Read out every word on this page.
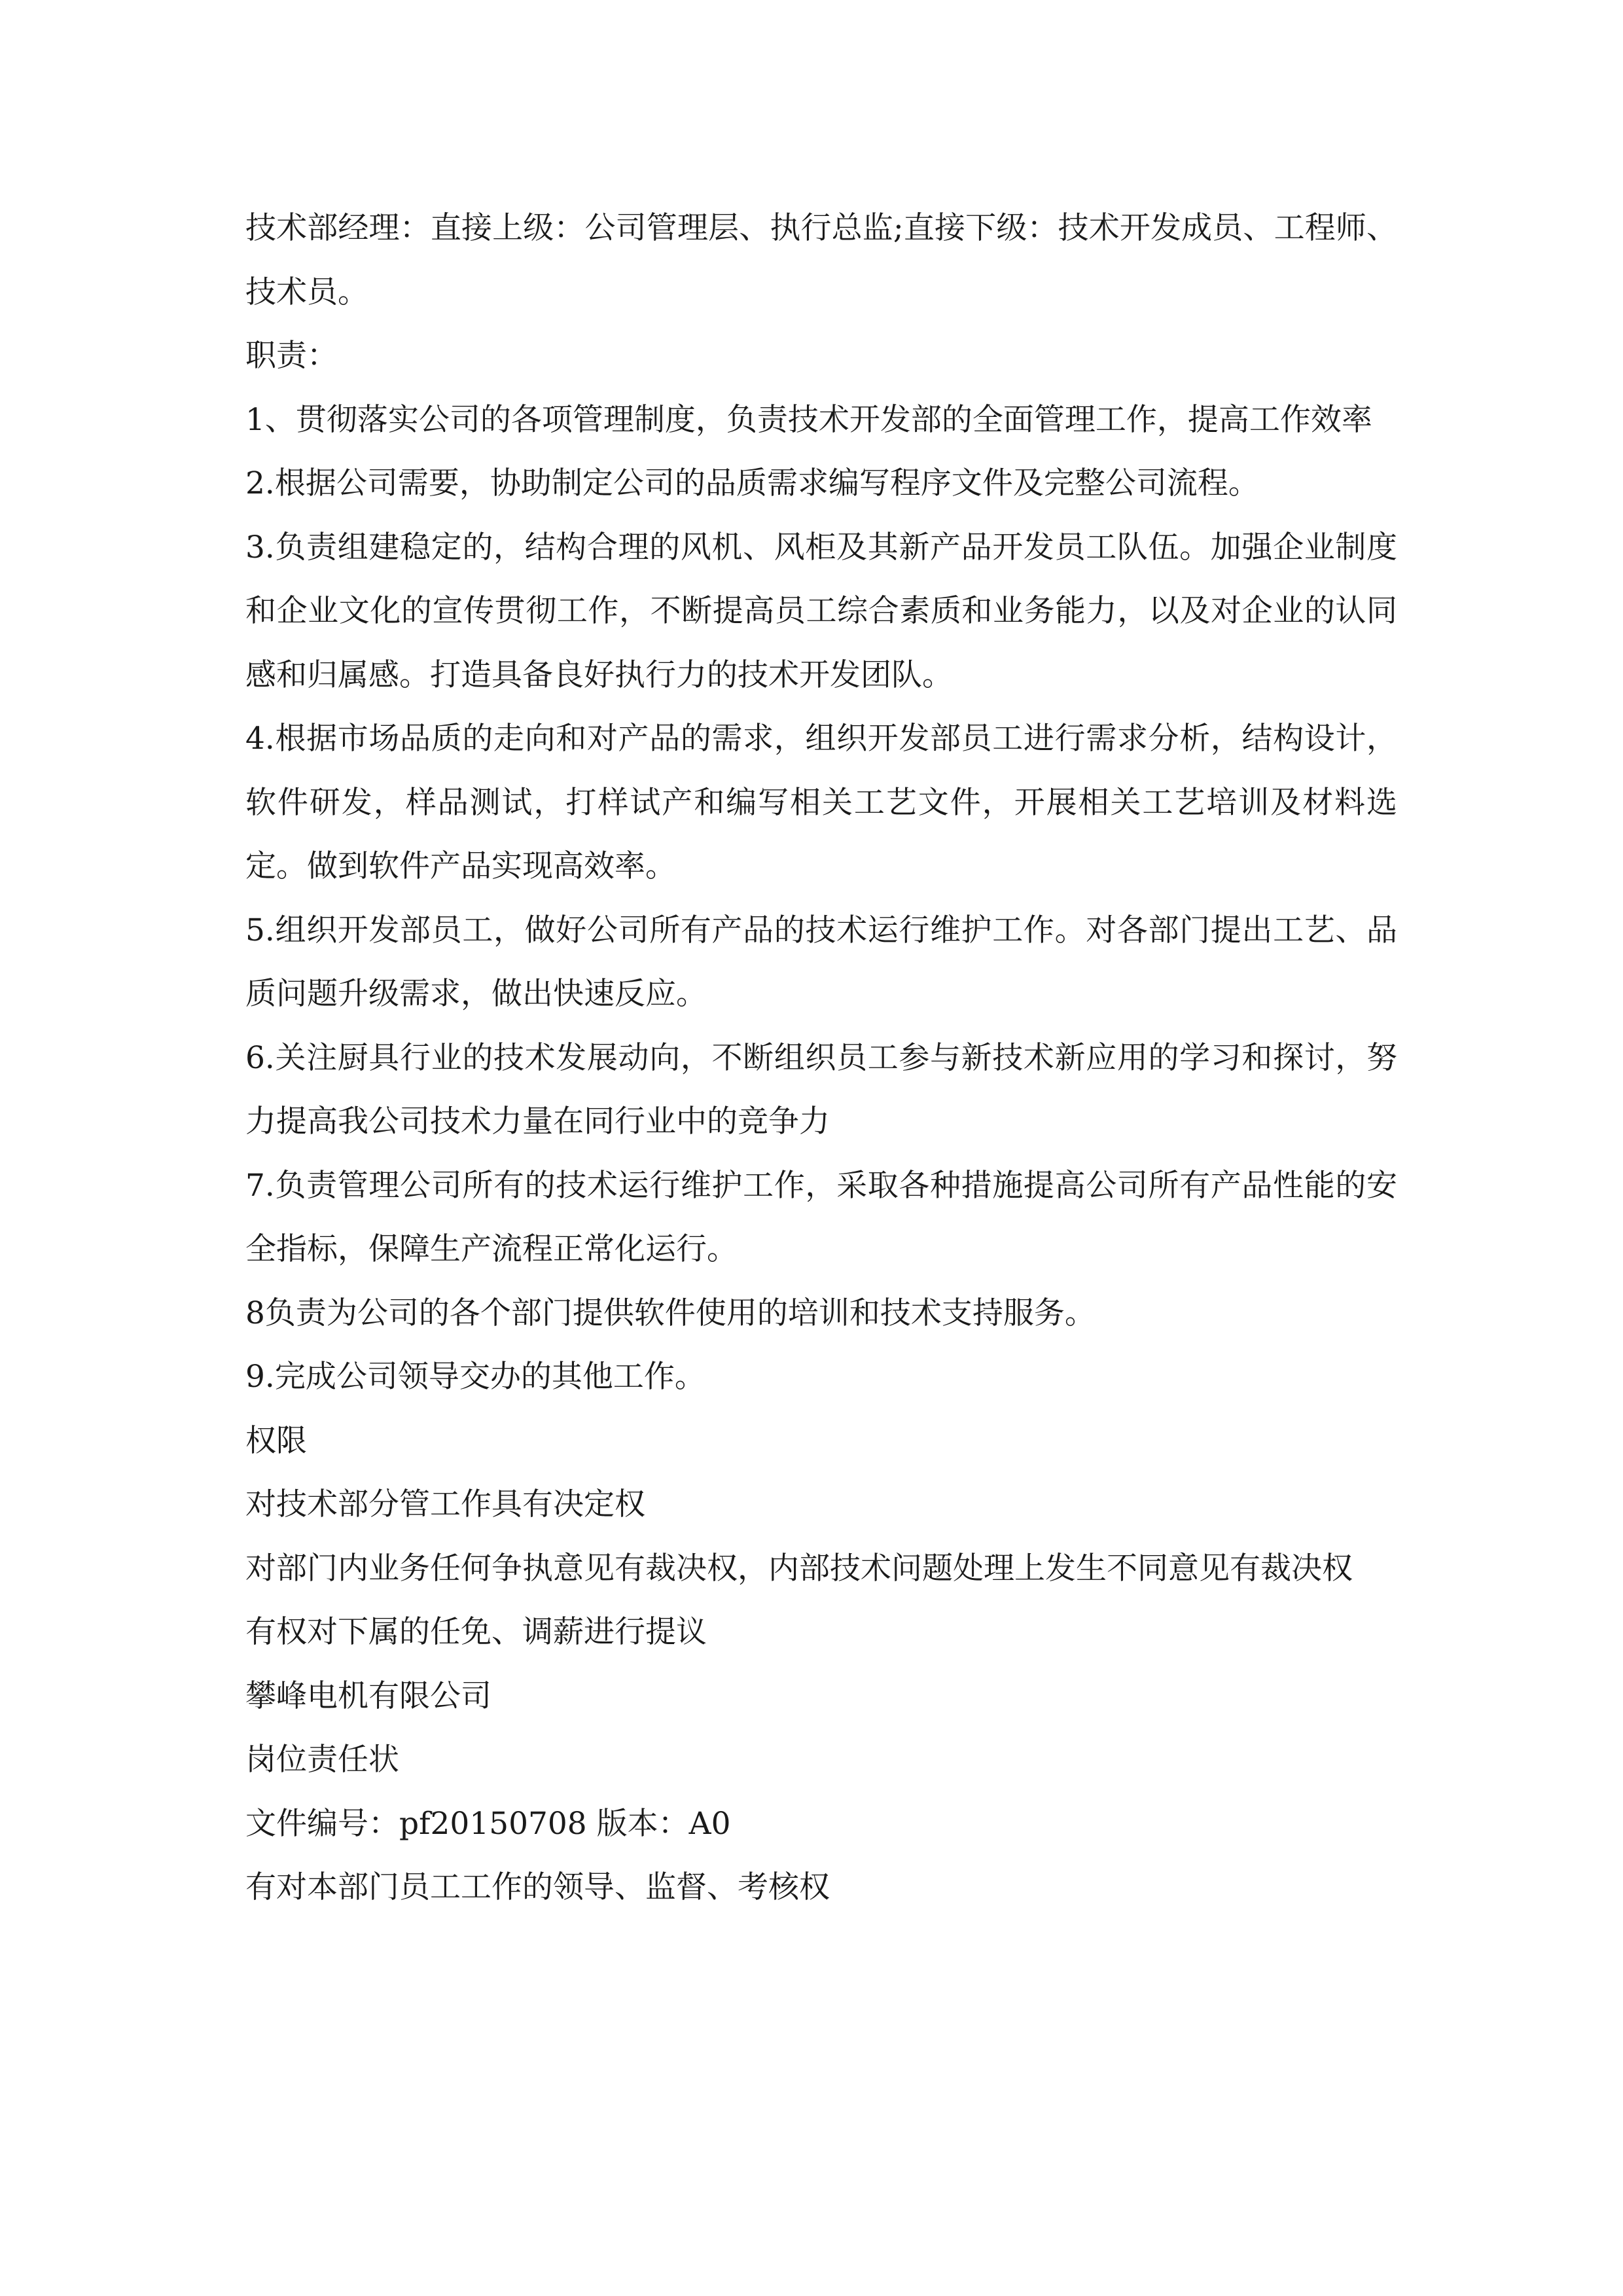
技术部经理：直接上级：公司管理层、执行总监;直接下级：技术开发成员、工程师、技术员。

职责：

1、贯彻落实公司的各项管理制度，负责技术开发部的全面管理工作，提高工作效率

2.根据公司需要，协助制定公司的品质需求编写程序文件及完整公司流程。

3.负责组建稳定的，结构合理的风机、风柜及其新产品开发员工队伍。加强企业制度和企业文化的宣传贯彻工作，不断提高员工综合素质和业务能力，以及对企业的认同感和归属感。打造具备良好执行力的技术开发团队。

4.根据市场品质的走向和对产品的需求，组织开发部员工进行需求分析，结构设计，软件研发，样品测试，打样试产和编写相关工艺文件，开展相关工艺培训及材料选定。做到软件产品实现高效率。

5.组织开发部员工，做好公司所有产品的技术运行维护工作。对各部门提出工艺、品质问题升级需求，做出快速反应。

6.关注厨具行业的技术发展动向，不断组织员工参与新技术新应用的学习和探讨，努力提高我公司技术力量在同行业中的竞争力

7.负责管理公司所有的技术运行维护工作，采取各种措施提高公司所有产品性能的安全指标，保障生产流程正常化运行。

8负责为公司的各个部门提供软件使用的培训和技术支持服务。

9.完成公司领导交办的其他工作。

权限

对技术部分管工作具有决定权

对部门内业务任何争执意见有裁决权，内部技术问题处理上发生不同意见有裁决权

有权对下属的任免、调薪进行提议

攀峰电机有限公司

岗位责任状

文件编号：pf20150708 版本：A0

有对本部门员工工作的领导、监督、考核权
